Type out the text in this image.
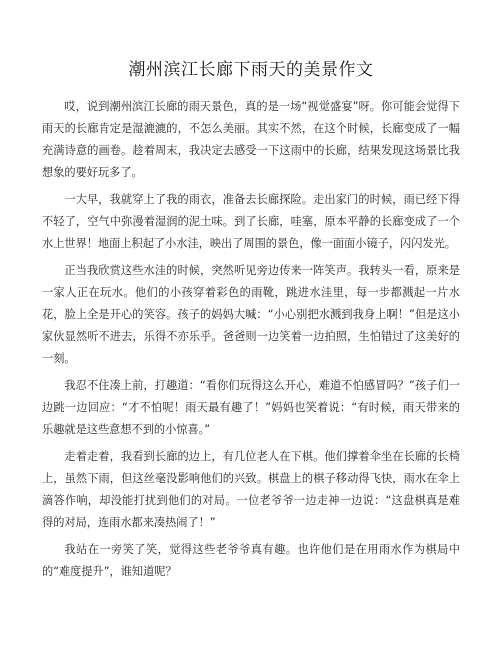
潮州滨江长廊下雨天的美景作文

哎，说到潮州滨江长廊的雨天景色，真的是一场“视觉盛宴”呀。你可能会觉得下雨天的长廊肯定是湿漉漉的，不怎么美丽。其实不然，在这个时候，长廊变成了一幅充满诗意的画卷。趁着周末，我决定去感受一下这雨中的长廊，结果发现这场景比我想象的要好玩多了。

一大早，我就穿上了我的雨衣，准备去长廊探险。走出家门的时候，雨已经下得不轻了，空气中弥漫着湿润的泥土味。到了长廊，哇塞，原本平静的长廊变成了一个水上世界！地面上积起了小水洼，映出了周围的景色，像一面面小镜子，闪闪发光。

正当我欣赏这些水洼的时候，突然听见旁边传来一阵笑声。我转头一看，原来是一家人正在玩水。他们的小孩穿着彩色的雨靴，跳进水洼里，每一步都溅起一片水花，脸上全是开心的笑容。孩子的妈妈大喊：“小心别把水溅到我身上啊！”但是这小家伙显然听不进去，乐得不亦乐乎。爸爸则一边笑着一边拍照，生怕错过了这美好的一刻。

我忍不住凑上前，打趣道：“看你们玩得这么开心，难道不怕感冒吗？”孩子们一边跳一边回应：“才不怕呢！雨天最有趣了！”妈妈也笑着说：“有时候，雨天带来的乐趣就是这些意想不到的小惊喜。”

走着走着，我看到长廊的边上，有几位老人在下棋。他们撑着伞坐在长廊的长椅上，虽然下雨，但这丝毫没影响他们的兴致。棋盘上的棋子移动得飞快，雨水在伞上滴答作响，却没能打扰到他们的对局。一位老爷爷一边走神一边说：“这盘棋真是难得的对局，连雨水都来凑热闹了！”

我站在一旁笑了笑，觉得这些老爷爷真有趣。也许他们是在用雨水作为棋局中的“难度提升”，谁知道呢？
